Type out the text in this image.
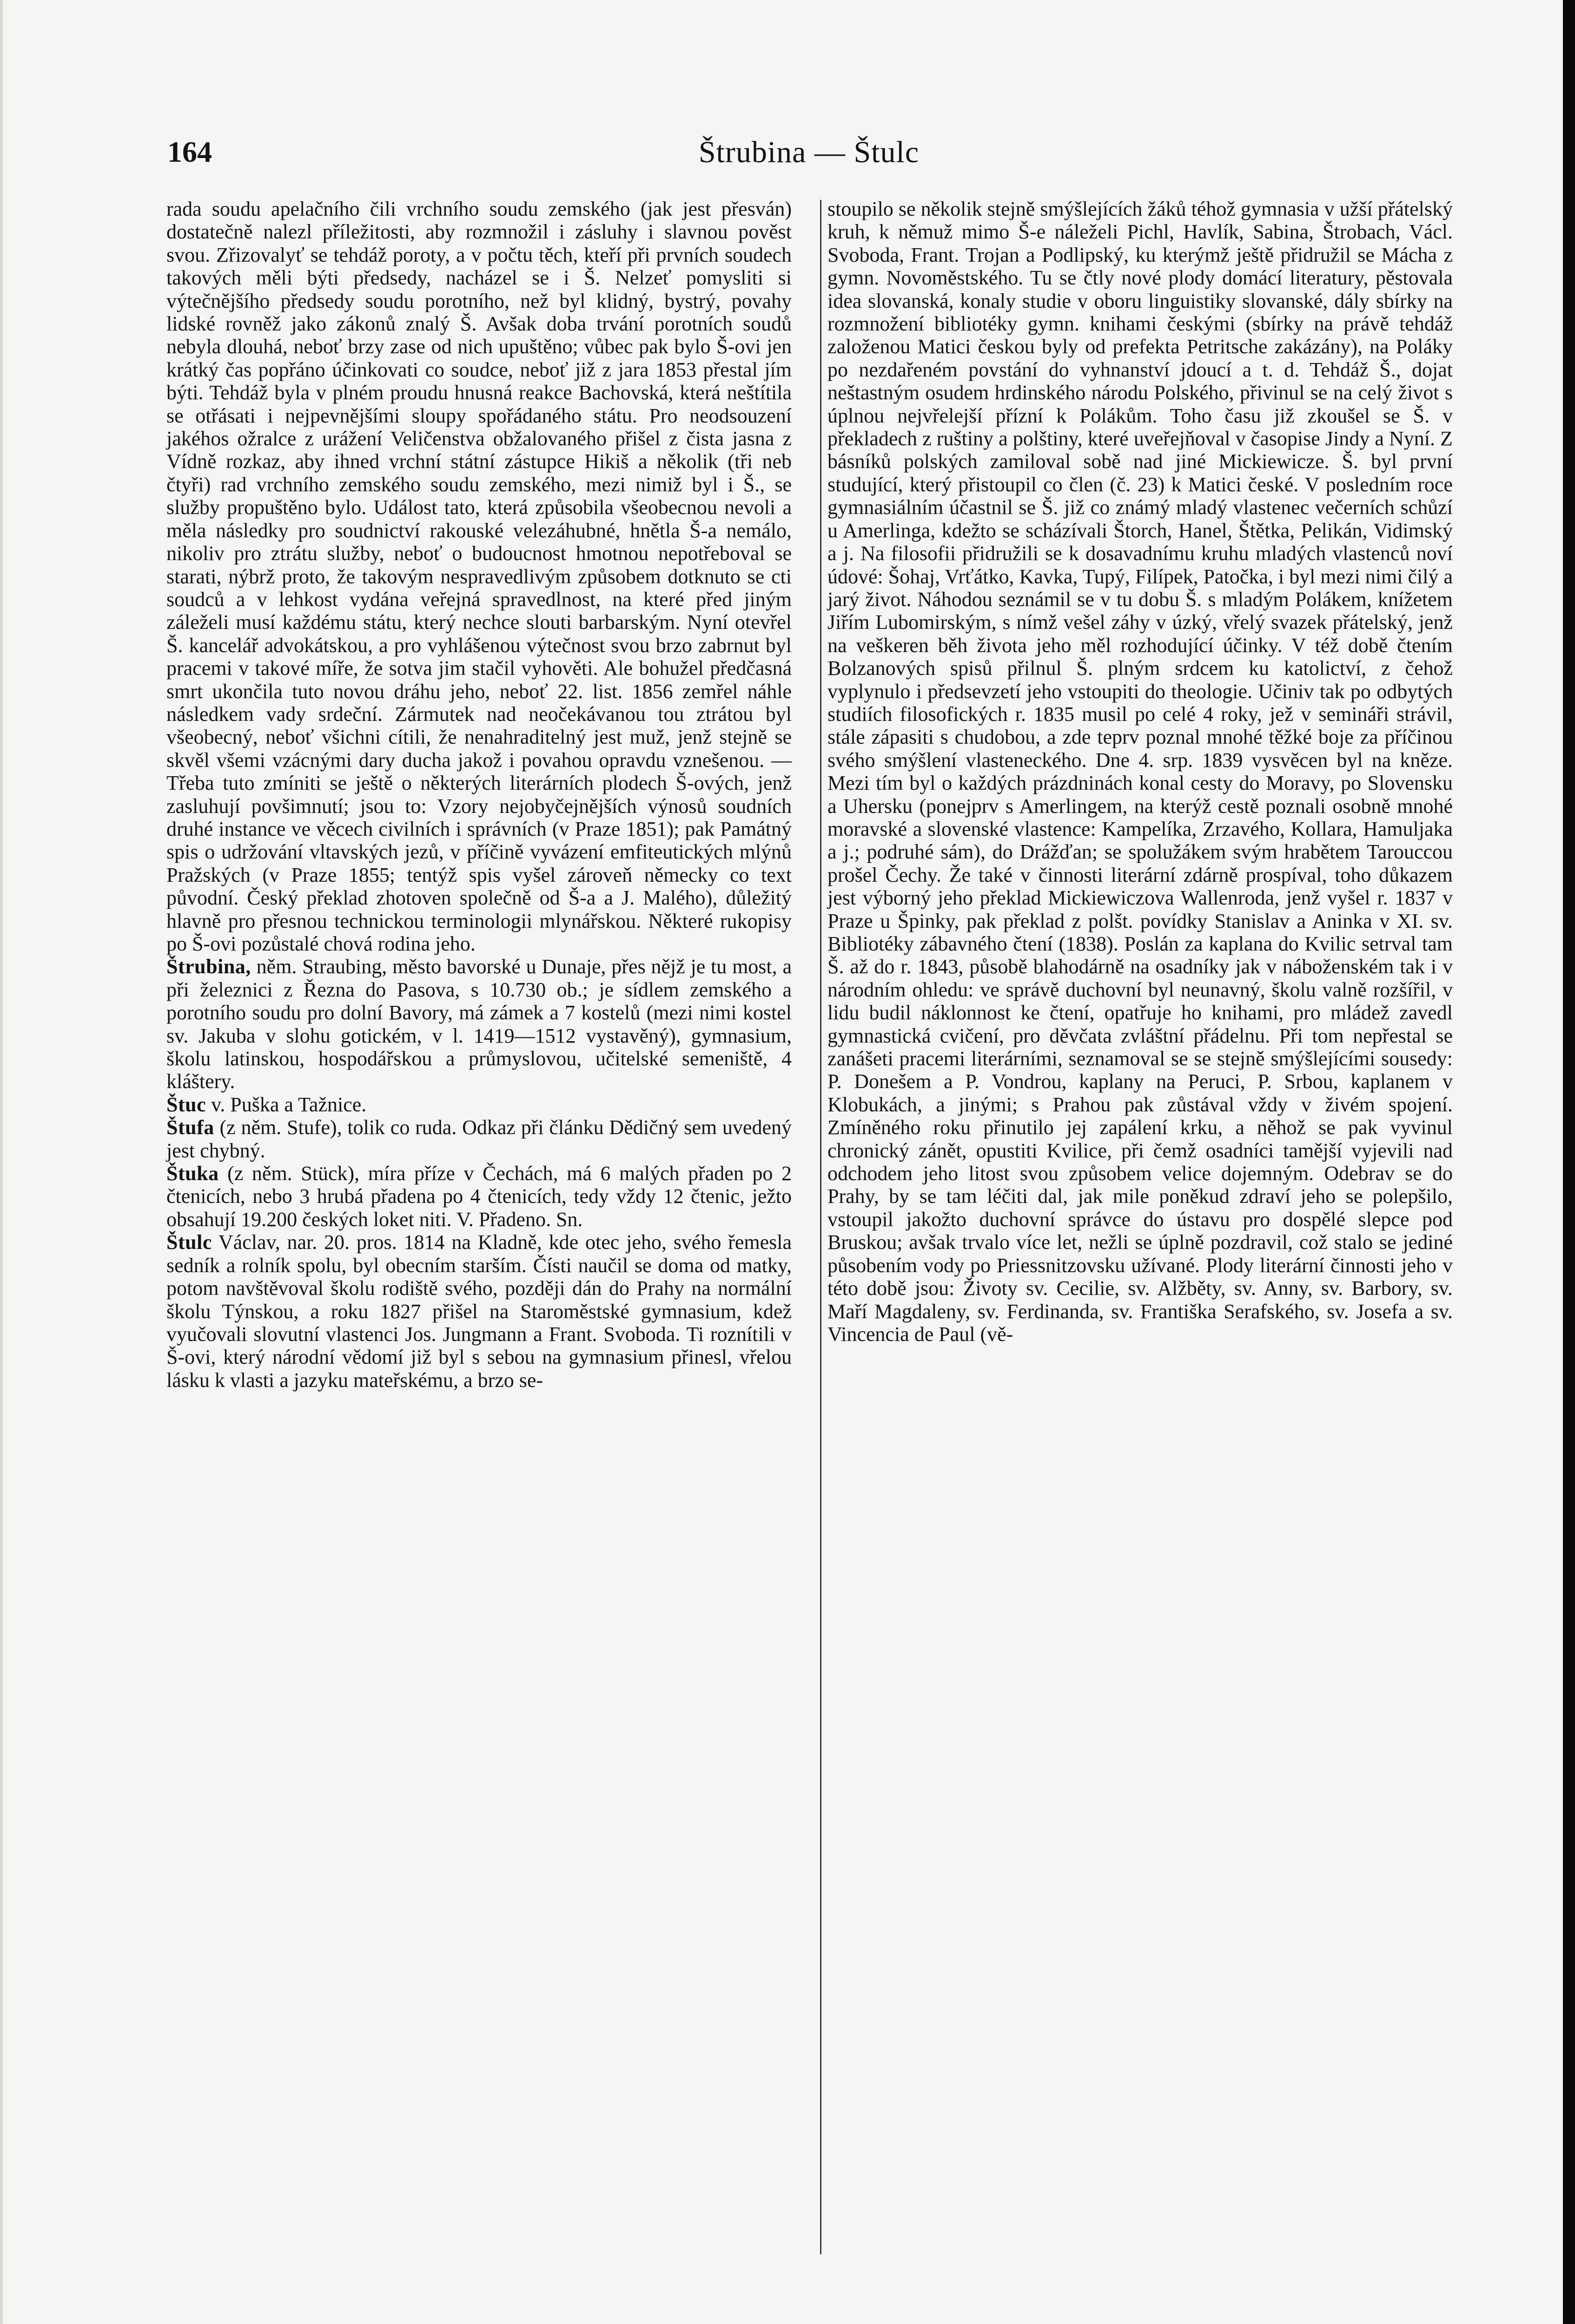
Štrubina — Štulc
164

rada soudu apelačního čili vrchního soudu zemského (jak jest přesván) dostatečně nalezl příležitosti, aby rozmnožil i zásluhy i slavnou pověst svou. Zřizovalyť se tehdáž poroty, a v počtu těch, kteří při prvních soudech takových měli býti předsedy, nacházel se i Š. Nelzeť pomysliti si výtečnějšího předsedy soudu porotního, než byl klidný, bystrý, povahy lidské rovněž jako zákonů znalý Š. Avšak doba trvání porotních soudů nebyla dlouhá, neboť brzy zase od nich upuštěno; vůbec pak bylo Š-ovi jen krátký čas popřáno účinkovati co soudce, neboť již z jara 1853 přestal jím býti. Tehdáž byla v plném proudu hnusná reakce Bachovská, která neštítila se otřásati i nejpevnějšími sloupy spořádaného státu. Pro neodsouzení jakéhos ožralce z urážení Veličenstva obžalovaného přišel z čista jasna z Vídně rozkaz, aby ihned vrchní státní zástupce Hikiš a několik (tři neb čtyři) rad vrchního zemského soudu zemského, mezi nimiž byl i Š., se služby propuštěno bylo. Událost tato, která způsobila všeobecnou nevoli a měla následky pro soudnictví rakouské velezáhubné, hnětla Š-a nemálo, nikoliv pro ztrátu služby, neboť o budoucnost hmotnou nepotřeboval se starati, nýbrž proto, že takovým nespravedlivým způsobem dotknuto se cti soudců a v lehkost vydána veřejná spravedlnost, na které před jiným záleželi musí každému státu, který nechce slouti barbarským. Nyní otevřel Š. kancelář advokátskou, a pro vyhlášenou výtečnost svou brzo zabrnut byl pracemi v takové míře, že sotva jim stačil vyhověti. Ale bohužel předčasná smrt ukončila tuto novou dráhu jeho, neboť 22. list. 1856 zemřel náhle následkem vady srdeční. Zármutek nad neočekávanou tou ztrátou byl všeobecný, neboť všichni cítili, že nenahraditelný jest muž, jenž stejně se skvěl všemi vzácnými dary ducha jakož i povahou opravdu vznešenou. — Třeba tuto zmíniti se ještě o některých literárních plodech Š-ových, jenž zasluhují povšimnutí; jsou to: Vzory nejobyčejnějších výnosů soudních druhé instance ve věcech civilních i správních (v Praze 1851); pak Památný spis o udržování vltavských jezů, v příčině vyvázení emfiteutických mlýnů Pražských (v Praze 1855; tentýž spis vyšel zároveň německy co text původní. Český překlad zhotoven společně od Š-a a J. Malého), důležitý hlavně pro přesnou technickou terminologii mlynářskou. Některé rukopisy po Š-ovi pozůstalé chová rodina jeho.

Štrubina, něm. Straubing, město bavorské u Dunaje, přes nějž je tu most, a při železnici z Řezna do Pasova, s 10.730 ob.; je sídlem zemského a porotního soudu pro dolní Bavory, má zámek a 7 kostelů (mezi nimi kostel sv. Jakuba v slohu gotickém, v l. 1419—1512 vystavěný), gymnasium, školu latinskou, hospodářskou a průmyslovou, učitelské semeniště, 4 kláštery.

Štuc v. Puška a Tažnice.

Štufa (z něm. Stufe), tolik co ruda. Odkaz při článku Dědičný sem uvedený jest chybný.

Štuka (z něm. Stück), míra příze v Čechách, má 6 malých přaden po 2 čtenicích, nebo 3 hrubá přadena po 4 čtenicích, tedy vždy 12 čtenic, ježto obsahují 19.200 českých loket niti. V. Přadeno. Sn.

Štulc Václav, nar. 20. pros. 1814 na Kladně, kde otec jeho, svého řemesla sedník a rolník spolu, byl obecním starším. Čísti naučil se doma od matky, potom navštěvoval školu rodiště svého, později dán do Prahy na normální školu Týnskou, a roku 1827 přišel na Staroměstské gymnasium, kdež vyučovali slovutní vlastenci Jos. Jungmann a Frant. Svoboda. Ti roznítili v Š-ovi, který národní vědomí již byl s sebou na gymnasium přinesl, vřelou lásku k vlasti a jazyku mateřskému, a brzo se-

stoupilo se několik stejně smýšlejících žáků téhož gymnasia v užší přátelský kruh, k němuž mimo Š-e náleželi Pichl, Havlík, Sabina, Štrobach, Václ. Svoboda, Frant. Trojan a Podlipský, ku kterýmž ještě přidružil se Mácha z gymn. Novoměstského. Tu se čtly nové plody domácí literatury, pěstovala idea slovanská, konaly studie v oboru linguistiky slovanské, dály sbírky na rozmnožení bibliotéky gymn. knihami českými (sbírky na právě tehdáž založenou Matici českou byly od prefekta Petritsche zakázány), na Poláky po nezdařeném povstání do vyhnanství jdoucí a t. d. Tehdáž Š., dojat neštastným osudem hrdinského národu Polského, přivinul se na celý život s úplnou nejvřelejší přízní k Polákům. Toho času již zkoušel se Š. v překladech z ruštiny a polštiny, které uveřejňoval v časopise Jindy a Nyní. Z básníků polských zamiloval sobě nad jiné Mickiewicze. Š. byl první studující, který přistoupil co člen (č. 23) k Matici české. V posledním roce gymnasiálním účastnil se Š. již co známý mladý vlastenec večerních schůzí u Amerlinga, kdežto se scházívali Štorch, Hanel, Štětka, Pelikán, Vidimský a j. Na filosofii přidružili se k dosavadnímu kruhu mladých vlastenců noví údové: Šohaj, Vrťátko, Kavka, Tupý, Filípek, Patočka, i byl mezi nimi čilý a jarý život. Náhodou seznámil se v tu dobu Š. s mladým Polákem, knížetem Jiřím Lubomirským, s nímž vešel záhy v úzký, vřelý svazek přátelský, jenž na veškeren běh života jeho měl rozhodující účinky. V též době čtením Bolzanových spisů přilnul Š. plným srdcem ku katolictví, z čehož vyplynulo i předsevzetí jeho vstoupiti do theologie. Učiniv tak po odbytých studiích filosofických r. 1835 musil po celé 4 roky, jež v semináři strávil, stále zápasiti s chudobou, a zde teprv poznal mnohé těžké boje za příčinou svého smýšlení vlasteneckého. Dne 4. srp. 1839 vysvěcen byl na kněze. Mezi tím byl o každých prázdninách konal cesty do Moravy, po Slovensku a Uhersku (ponejprv s Amerlingem, na kterýž cestě poznali osobně mnohé moravské a slovenské vlastence: Kampelíka, Zrzavého, Kollara, Hamuljaka a j.; podruhé sám), do Drážďan; se spolužákem svým hrabětem Tarouccou prošel Čechy. Že také v činnosti literární zdárně prospíval, toho důkazem jest výborný jeho překlad Mickiewiczova Wallenroda, jenž vyšel r. 1837 v Praze u Špinky, pak překlad z polšt. povídky Stanislav a Aninka v XI. sv. Bibliotéky zábavného čtení (1838). Poslán za kaplana do Kvilic setrval tam Š. až do r. 1843, působě blahodárně na osadníky jak v náboženském tak i v národním ohledu: ve správě duchovní byl neunavný, školu valně rozšířil, v lidu budil náklonnost ke čtení, opatřuje ho knihami, pro mládež zavedl gymnastická cvičení, pro děvčata zvláštní přádelnu. Při tom nepřestal se zanášeti pracemi literárními, seznamoval se se stejně smýšlejícími sousedy: P. Donešem a P. Vondrou, kaplany na Peruci, P. Srbou, kaplanem v Klobukách, a jinými; s Prahou pak zůstával vždy v živém spojení. Zmíněného roku přinutilo jej zapálení krku, a něhož se pak vyvinul chronický zánět, opustiti Kvilice, při čemž osadníci tamější vyjevili nad odchodem jeho litost svou způsobem velice dojemným. Odebrav se do Prahy, by se tam léčiti dal, jak mile poněkud zdraví jeho se polepšilo, vstoupil jakožto duchovní správce do ústavu pro dospělé slepce pod Bruskou; avšak trvalo více let, nežli se úplně pozdravil, což stalo se jediné působením vody po Priessnitzovsku užívané. Plody literární činnosti jeho v této době jsou: Životy sv. Cecilie, sv. Alžběty, sv. Anny, sv. Barbory, sv. Maří Magdaleny, sv. Ferdinanda, sv. Františka Serafského, sv. Josefa a sv. Vincencia de Paul (vě-
